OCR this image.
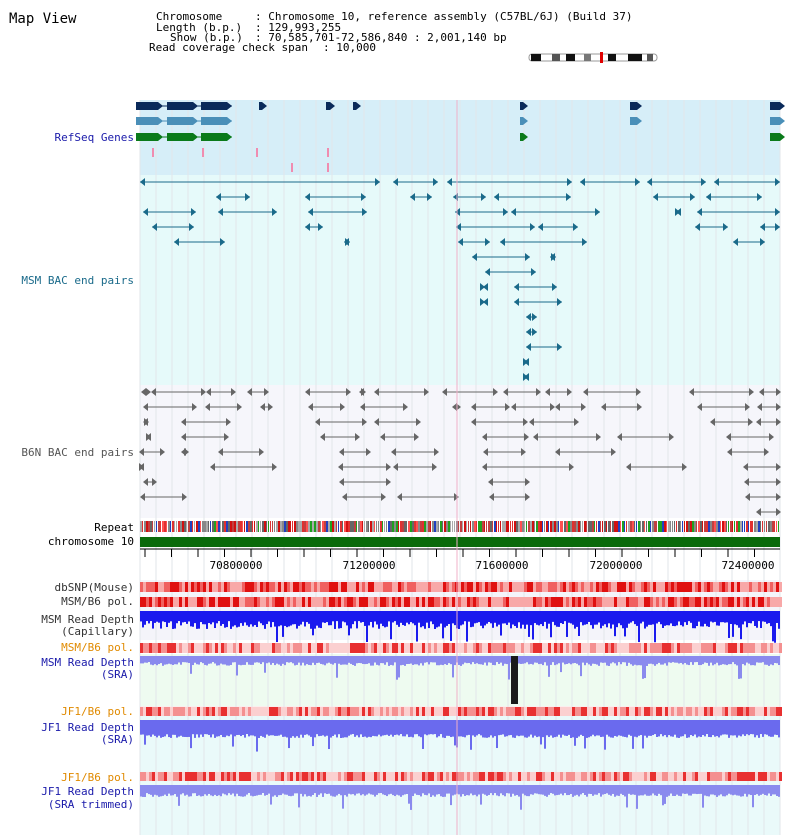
Map View	Chromosome	: Chromosome 10, reference assembly (C57BL/6J) (Build 37)
Length (b.p.) : 129,993,255
Show (b.p.) : 70,585,701-72,586,840 : 2,001,140 bp
Read coverage check span : 10,000
RefSeq Genes
MSM BAC end pairs
B6N BAC end pairs
Repeat
chromosome 10
dbSNP(Mouse)
MSM/B6 pol.
MSM Read Depth
(Capillary)
MSM/B6 pol.
MSM Read Depth
(SRA)
JF1/B6 pol.
JF1 Read Depth
(SRA)
JF1/B6 pol.
JF1 Read Depth
(SRA trimmed)
70800000	71200000	71600000	72000000	72400000
